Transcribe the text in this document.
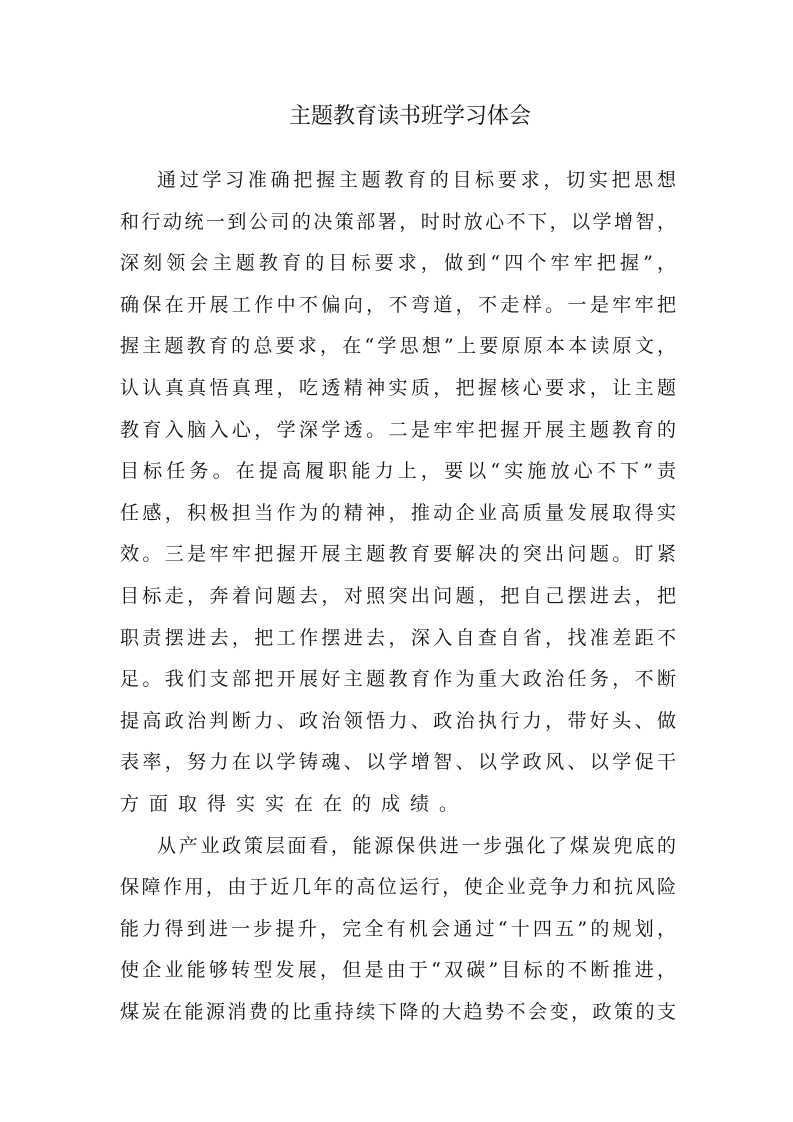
主题教育读书班学习体会
通过学习准确把握主题教育的目标要求，切实把思想
和行动统一到公司的决策部署，时时放心不下，以学增智，
深刻领会主题教育的目标要求，做到“四个牢牢把握”，
确保在开展工作中不偏向，不弯道，不走样。一是牢牢把
握主题教育的总要求，在“学思想”上要原原本本读原文，
认认真真悟真理，吃透精神实质，把握核心要求，让主题
教育入脑入心，学深学透。二是牢牢把握开展主题教育的
目标任务。在提高履职能力上，要以“实施放心不下”责
任感，积极担当作为的精神，推动企业高质量发展取得实
效。三是牢牢把握开展主题教育要解决的突出问题。盯紧
目标走，奔着问题去，对照突出问题，把自己摆进去，把
职责摆进去，把工作摆进去，深入自查自省，找准差距不
足。我们支部把开展好主题教育作为重大政治任务，不断
提高政治判断力、政治领悟力、政治执行力，带好头、做
表率，努力在以学铸魂、以学增智、以学政风、以学促干
方面取得实实在在的成绩。
从产业政策层面看，能源保供进一步强化了煤炭兜底的
保障作用，由于近几年的高位运行，使企业竞争力和抗风险
能力得到进一步提升，完全有机会通过“十四五”的规划，
使企业能够转型发展，但是由于“双碳”目标的不断推进，
煤炭在能源消费的比重持续下降的大趋势不会变，政策的支
